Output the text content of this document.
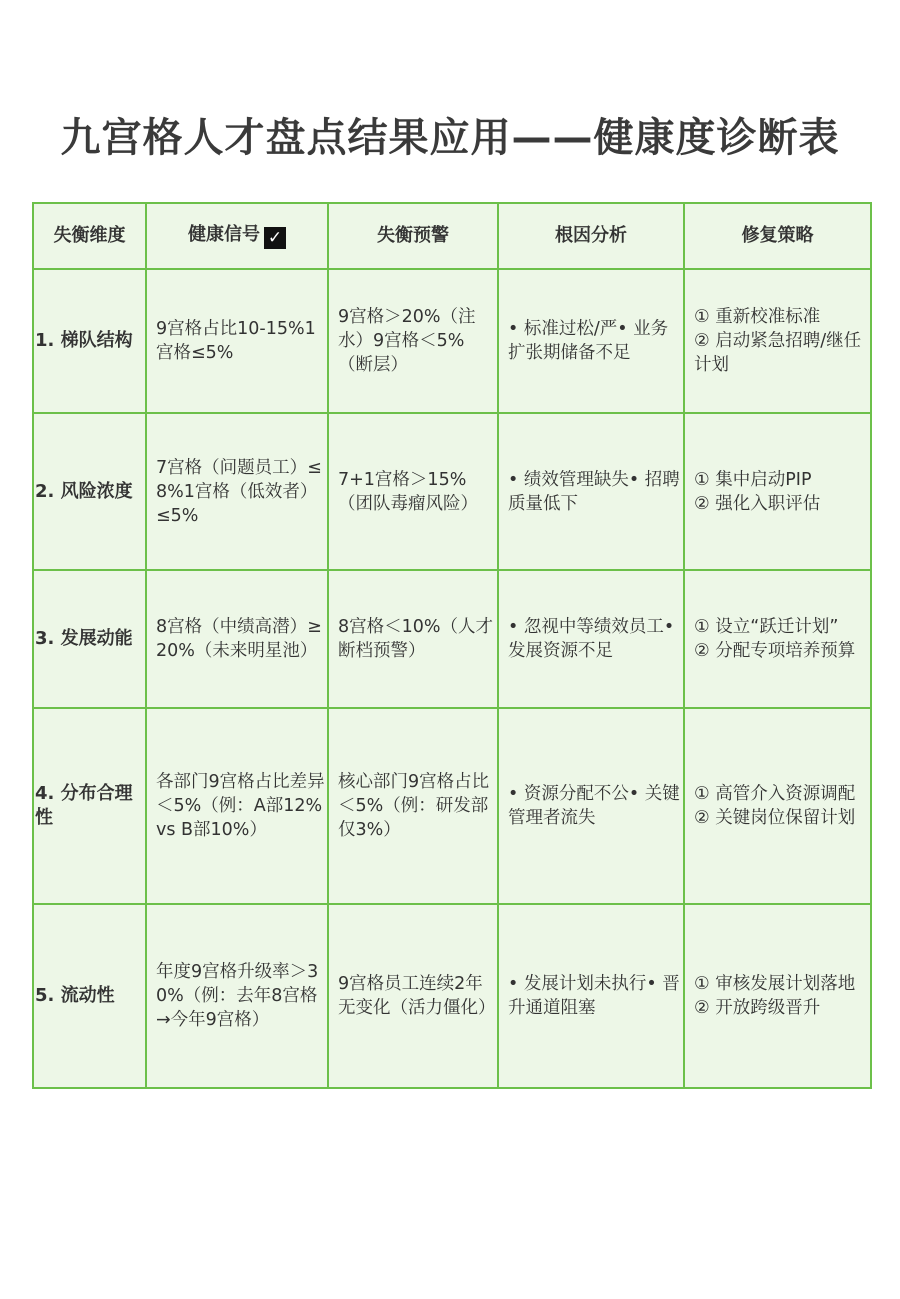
九宫格人才盘点结果应用——健康度诊断表
失衡维度	健康信号 ✓	失衡预警	根因分析	修复策略
1. 梯队结构	9宫格占比10-15%1宫格≤5%	9宫格＞20%（注水）9宫格＜5%（断层）	• 标准过松/严• 业务扩张期储备不足	① 重新校准标准
② 启动紧急招聘/继任计划

2. 风险浓度	7宫格（问题员工）≤8%1宫格（低效者）≤5%	7+1宫格＞15%（团队毒瘤风险）	• 绩效管理缺失• 招聘质量低下	① 集中启动PIP
② 强化入职评估

3. 发展动能	8宫格（中绩高潜）≥20%（未来明星池）	8宫格＜10%（人才断档预警）	• 忽视中等绩效员工• 发展资源不足	① 设立“跃迁计划”
② 分配专项培养预算

4. 分布合理性	各部门9宫格占比差异＜5%（例：A部12% vs B部10%）	核心部门9宫格占比＜5%（例：研发部仅3%）	• 资源分配不公• 关键管理者流失	① 高管介入资源调配② 关键岗位保留计划

5. 流动性	年度9宫格升级率＞30%（例：去年8宫格→今年9宫格）	9宫格员工连续2年无变化（活力僵化）	• 发展计划未执行• 晋升通道阻塞	① 审核发展计划落地② 开放跨级晋升
